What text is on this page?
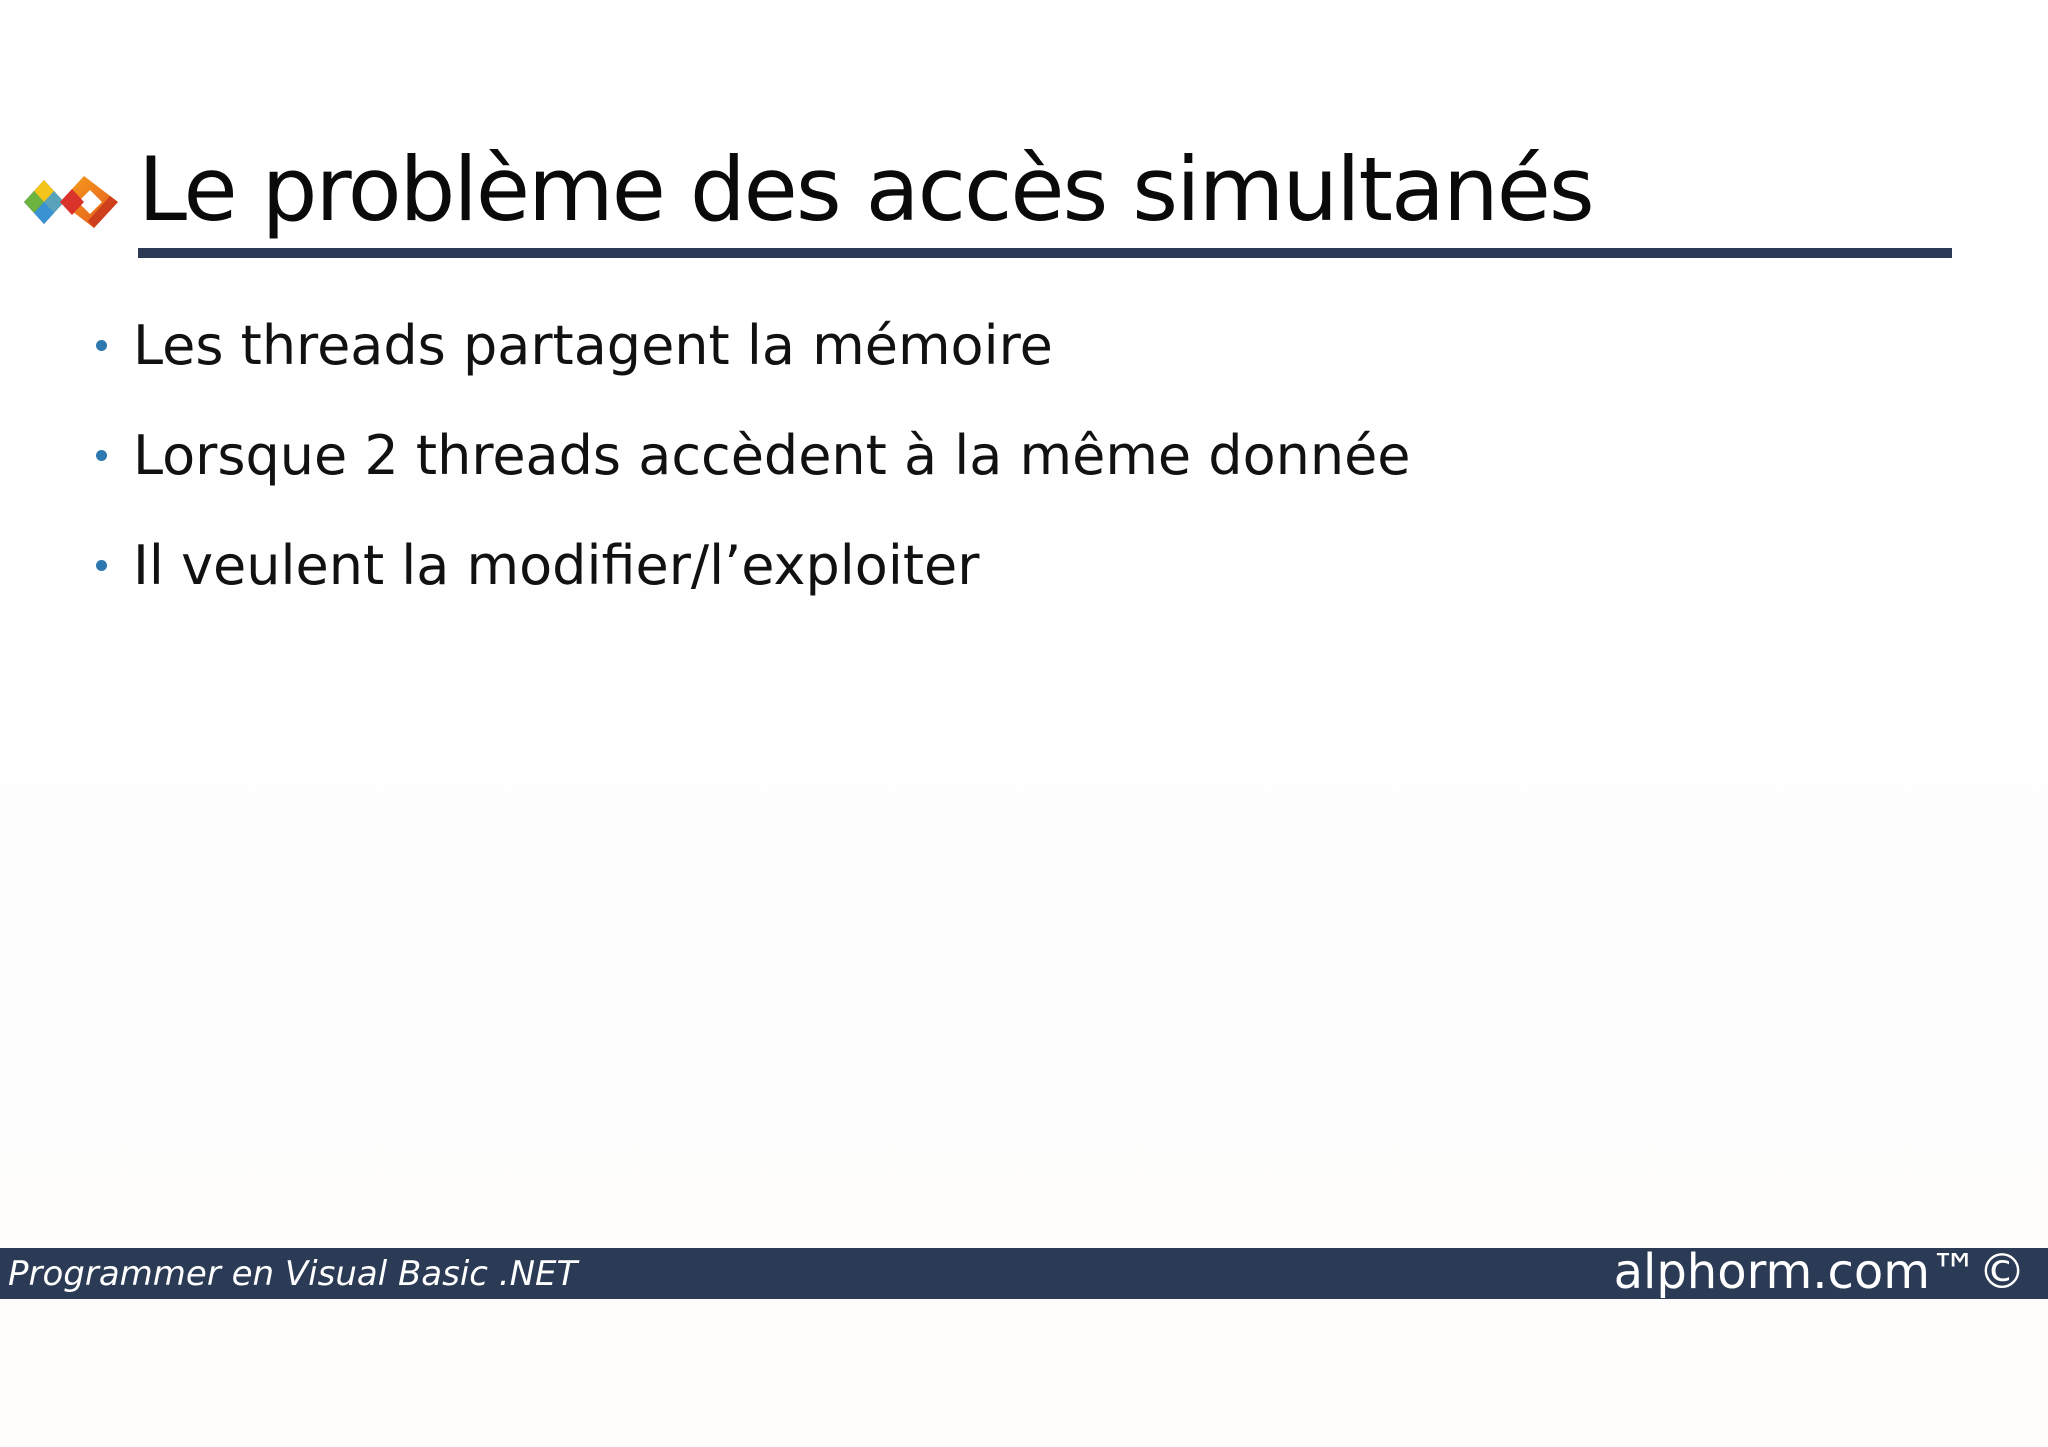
Le problème des accès simultanés
Les threads partagent la mémoire
Lorsque 2 threads accèdent à la même donnée
Il veulent la modifier/l’exploiter
Programmer en Visual Basic .NET	alphorm.com™©
